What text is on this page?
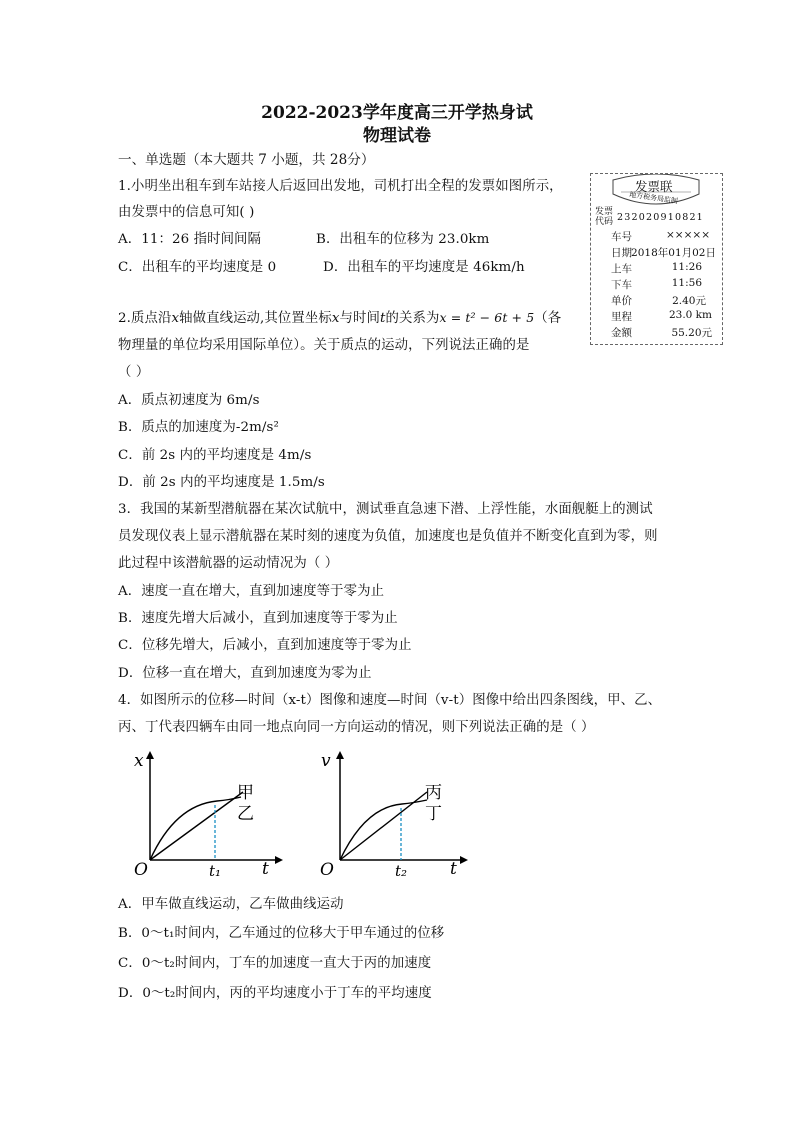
2022-2023学年度高三开学热身试
物理试卷
一、单选题（本大题共 7 小题，共 28分）
1.小明坐出租车到车站接人后返回出发地，司机打出全程的发票如图所示，
由发票中的信息可知( )
A．11：26 指时间间隔	B．出租车的位移为 23.0km
C．出租车的平均速度是 0	D．出租车的平均速度是 46km/h
发票联
地方税务局监制
发票
代码 232020910821
车号	×××××
日期 2018年01月02日
上车	11:26
下车	11:56
单价	2.40元
里程	23.0 km
金额	55.20元
2.质点沿x轴做直线运动,其位置坐标x与时间t的关系为x = t² − 6t + 5（各
物理量的单位均采用国际单位）。关于质点的运动，下列说法正确的是
（ ）
A．质点初速度为 6m/s
B．质点的加速度为-2m/s²
C．前 2s 内的平均速度是 4m/s
D．前 2s 内的平均速度是 1.5m/s
3．我国的某新型潜航器在某次试航中，测试垂直急速下潜、上浮性能，水面舰艇上的测试
员发现仪表上显示潜航器在某时刻的速度为负值，加速度也是负值并不断变化直到为零，则
此过程中该潜航器的运动情况为（ ）
A．速度一直在增大，直到加速度等于零为止
B．速度先增大后减小，直到加速度等于零为止
C．位移先增大，后减小，直到加速度等于零为止
D．位移一直在增大，直到加速度为零为止
4．如图所示的位移—时间（x-t）图像和速度—时间（v-t）图像中给出四条图线，甲、乙、
丙、丁代表四辆车由同一地点向同一方向运动的情况，则下列说法正确的是（ ）
x
t
O	t₁
甲
乙
v
t
O	t₂
丙
丁
A．甲车做直线运动，乙车做曲线运动
B．0～t₁时间内，乙车通过的位移大于甲车通过的位移
C．0～t₂时间内，丁车的加速度一直大于丙的加速度
D．0～t₂时间内，丙的平均速度小于丁车的平均速度
